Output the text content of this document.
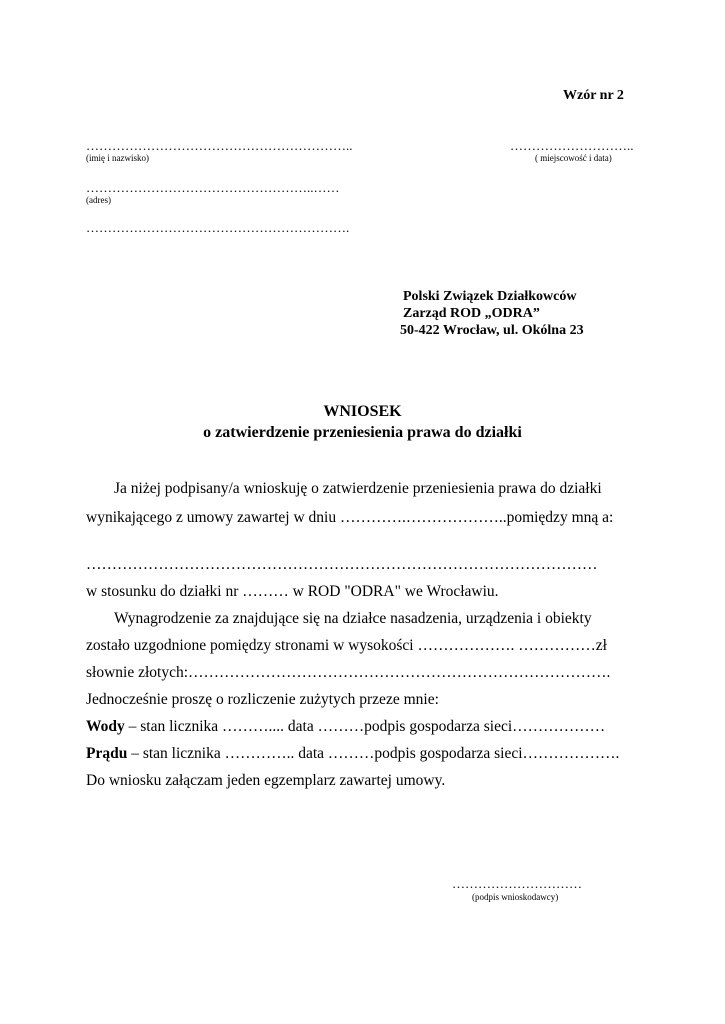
Wzór nr 2
……………………………………………………..
(imię i nazwisko)
………………………..
( miejscowość i data)
……………………………………………..……
(adres)
…………………………………………………….
Polski Związek Działkowców
Zarząd ROD „ODRA”
50-422 Wrocław, ul. Okólna 23
WNIOSEK
o zatwierdzenie przeniesienia prawa do działki
Ja niżej podpisany/a wnioskuję o zatwierdzenie przeniesienia prawa do działki
wynikającego z umowy zawartej w dniu ………….………………..pomiędzy mną a:
………………………………………………………………………………………
w stosunku do działki nr ……… w ROD "ODRA" we Wrocławiu.
Wynagrodzenie za znajdujące się na działce nasadzenia, urządzenia i obiekty
zostało uzgodnione pomiędzy stronami w wysokości ………………. ……………zł
słownie złotych:……………………………………………………………………….
Jednocześnie proszę o rozliczenie zużytych przeze mnie:
Wody – stan licznika ……….... data ………podpis gospodarza sieci………………
Prądu – stan licznika ………….. data ………podpis gospodarza sieci……………….
Do wniosku załączam jeden egzemplarz zawartej umowy.
…………………………
(podpis wnioskodawcy)
